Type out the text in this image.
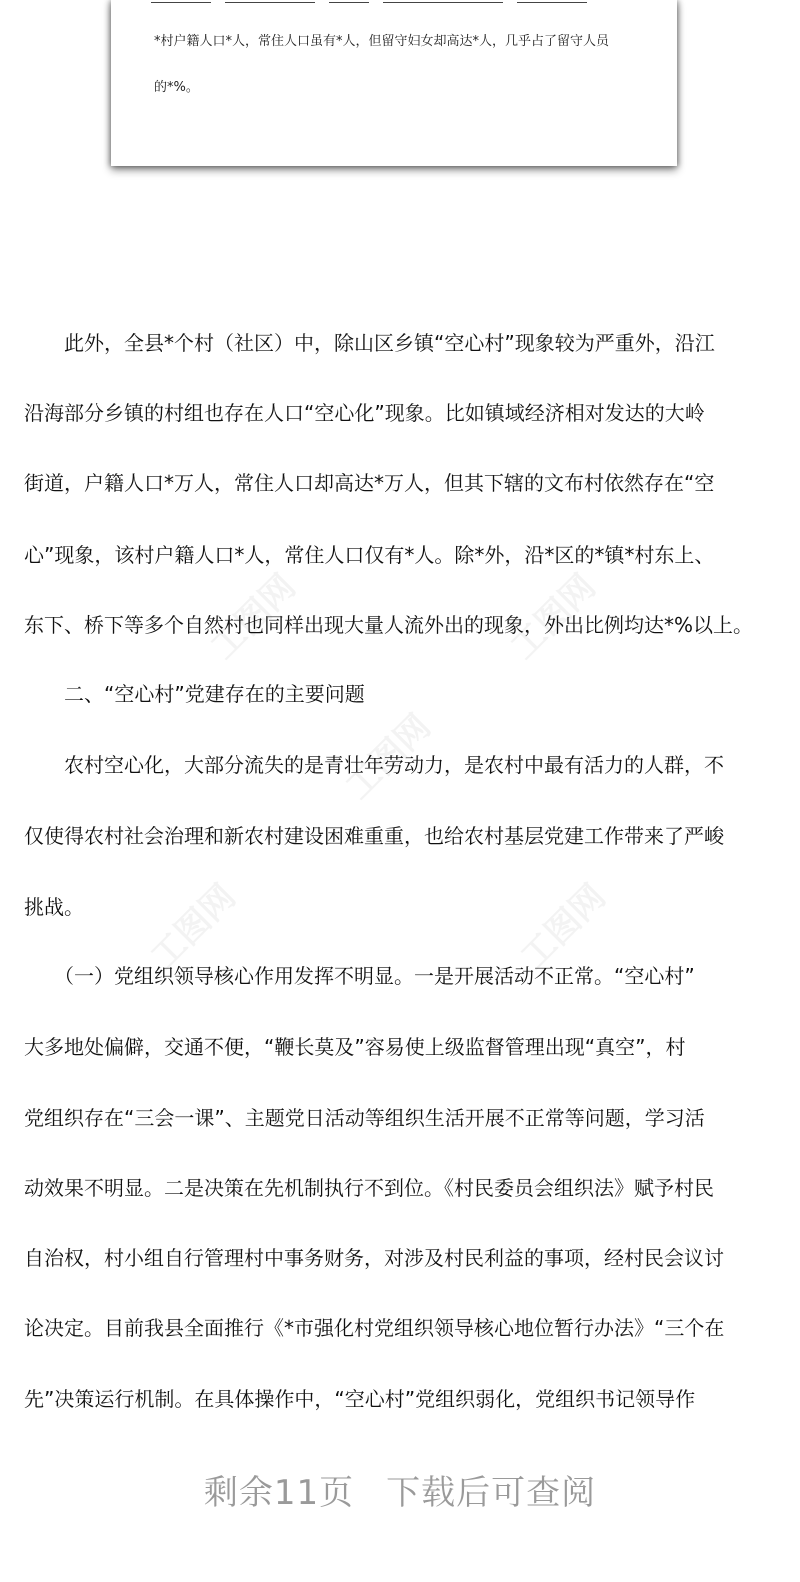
*村户籍人口*人，常住人口虽有*人，但留守妇女却高达*人，几乎占了留守人员
的*%。
工图网	工图网
工图网
工图网	工图网
　　此外，全县*个村（社区）中，除山区乡镇“空心村”现象较为严重外，沿江
沿海部分乡镇的村组也存在人口“空心化”现象。比如镇域经济相对发达的大岭
街道，户籍人口*万人，常住人口却高达*万人，但其下辖的文布村依然存在“空
心”现象，该村户籍人口*人，常住人口仅有*人。除*外，沿*区的*镇*村东上、
东下、桥下等多个自然村也同样出现大量人流外出的现象，外出比例均达*%以上。
　　二、“空心村”党建存在的主要问题
　　农村空心化，大部分流失的是青壮年劳动力，是农村中最有活力的人群，不
仅使得农村社会治理和新农村建设困难重重，也给农村基层党建工作带来了严峻
挑战。
　　（一）党组织领导核心作用发挥不明显。一是开展活动不正常。“空心村”
大多地处偏僻，交通不便，“鞭长莫及”容易使上级监督管理出现“真空”，村
党组织存在“三会一课”、主题党日活动等组织生活开展不正常等问题，学习活
动效果不明显。二是决策在先机制执行不到位。《村民委员会组织法》赋予村民
自治权，村小组自行管理村中事务财务，对涉及村民利益的事项，经村民会议讨
论决定。目前我县全面推行《*市强化村党组织领导核心地位暂行办法》“三个在
先”决策运行机制。在具体操作中，“空心村”党组织弱化，党组织书记领导作
剩余11页 下载后可查阅
